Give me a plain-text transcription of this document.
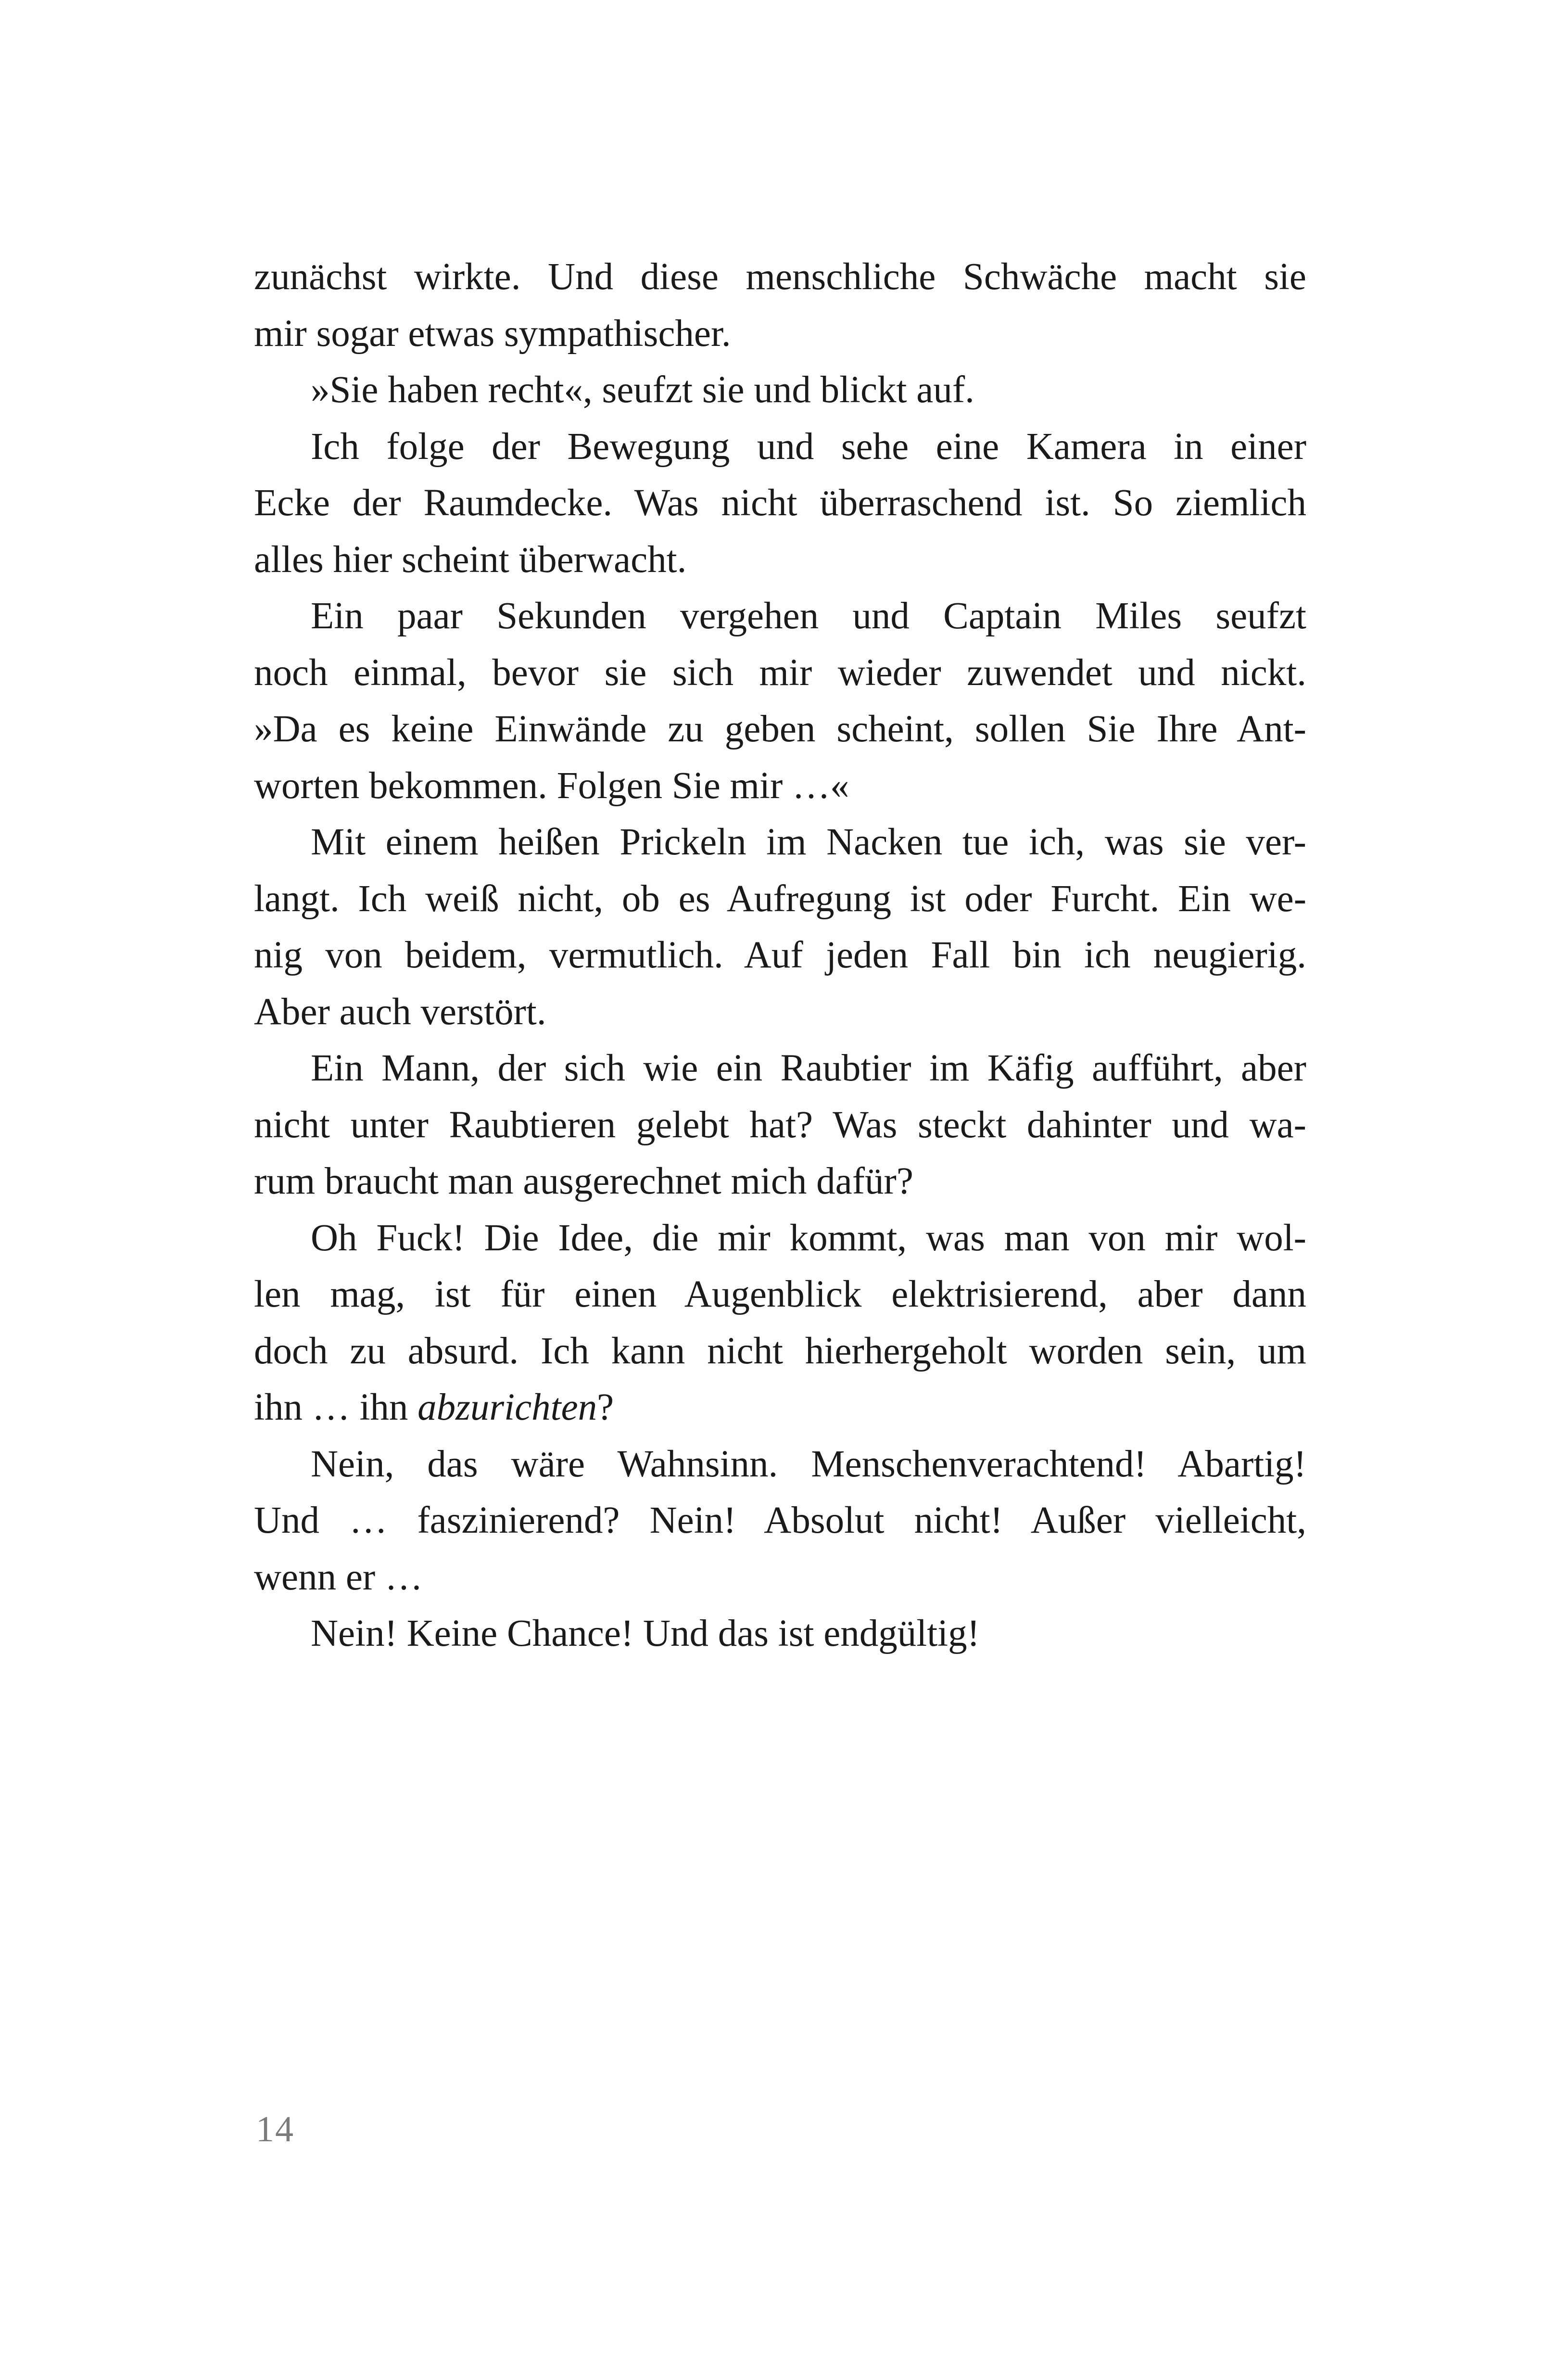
zunächst wirkte. Und diese menschliche Schwäche macht sie
mir sogar etwas sympathischer.
»Sie haben recht«, seufzt sie und blickt auf.
Ich folge der Bewegung und sehe eine Kamera in einer
Ecke der Raumdecke. Was nicht überraschend ist. So ziemlich
alles hier scheint überwacht.
Ein paar Sekunden vergehen und Captain Miles seufzt
noch einmal, bevor sie sich mir wieder zuwendet und nickt.
»Da es keine Einwände zu geben scheint, sollen Sie Ihre Ant-
worten bekommen. Folgen Sie mir …«
Mit einem heißen Prickeln im Nacken tue ich, was sie ver-
langt. Ich weiß nicht, ob es Aufregung ist oder Furcht. Ein we-
nig von beidem, vermutlich. Auf jeden Fall bin ich neugierig.
Aber auch verstört.
Ein Mann, der sich wie ein Raubtier im Käfig aufführt, aber
nicht unter Raubtieren gelebt hat? Was steckt dahinter und wa-
rum braucht man ausgerechnet mich dafür?
Oh Fuck! Die Idee, die mir kommt, was man von mir wol-
len mag, ist für einen Augenblick elektrisierend, aber dann
doch zu absurd. Ich kann nicht hierhergeholt worden sein, um
ihn … ihn abzurichten?
Nein, das wäre Wahnsinn. Menschenverachtend! Abartig!
Und … faszinierend? Nein! Absolut nicht! Außer vielleicht,
wenn er …
Nein! Keine Chance! Und das ist endgültig!
14
